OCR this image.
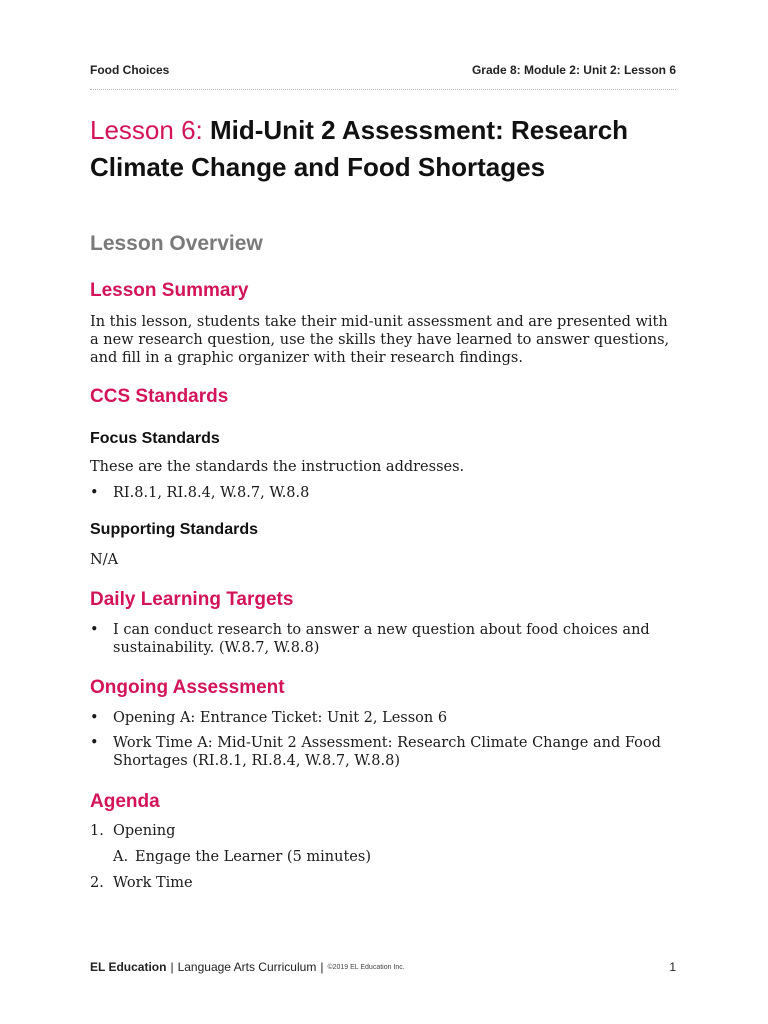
Food Choices	Grade 8: Module 2: Unit 2: Lesson 6
Lesson 6: Mid-Unit 2 Assessment: Research Climate Change and Food Shortages
Lesson Overview
Lesson Summary
In this lesson, students take their mid-unit assessment and are presented with a new research question, use the skills they have learned to answer questions, and fill in a graphic organizer with their research findings.
CCS Standards
Focus Standards
These are the standards the instruction addresses.
• RI.8.1, RI.8.4, W.8.7, W.8.8
Supporting Standards
N/A
Daily Learning Targets
• I can conduct research to answer a new question about food choices and sustainability. (W.8.7, W.8.8)
Ongoing Assessment
• Opening A: Entrance Ticket: Unit 2, Lesson 6
• Work Time A: Mid-Unit 2 Assessment: Research Climate Change and Food Shortages (RI.8.1, RI.8.4, W.8.7, W.8.8)
Agenda
1. Opening
A. Engage the Learner (5 minutes)
2. Work Time
EL Education | Language Arts Curriculum | ©2019 EL Education Inc.	1
